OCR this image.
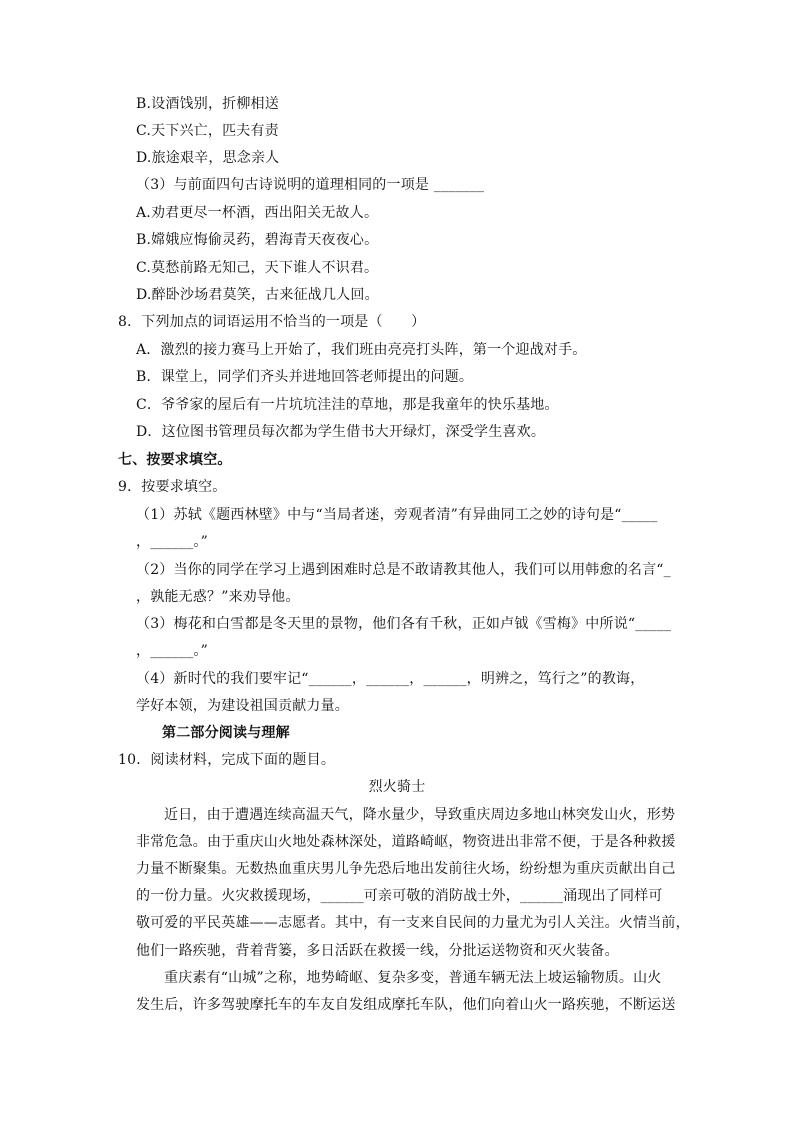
B.设酒饯别，折柳相送
C.天下兴亡，匹夫有责
D.旅途艰辛，思念亲人
（3）与前面四句古诗说明的道理相同的一项是 _______
A.劝君更尽一杯酒，西出阳关无故人。
B.嫦娥应悔偷灵药，碧海青天夜夜心。
C.莫愁前路无知己，天下谁人不识君。
D.醉卧沙场君莫笑，古来征战几人回。
8．下列加点的词语运用不恰当的一项是（　　）
A．激烈的接力赛马上开始了，我们班由亮亮打头阵，第一个迎战对手。
B．课堂上，同学们齐头并进地回答老师提出的问题。
C．爷爷家的屋后有一片坑坑洼洼的草地，那是我童年的快乐基地。
D．这位图书管理员每次都为学生借书大开绿灯，深受学生喜欢。
七、按要求填空。
9．按要求填空。
（1）苏轼《题西林壁》中与“当局者迷，旁观者清”有异曲同工之妙的诗句是“_____
，______。”
（2）当你的同学在学习上遇到困难时总是不敢请教其他人，我们可以用韩愈的名言“_
，孰能无惑？”来劝导他。
（3）梅花和白雪都是冬天里的景物，他们各有千秋，正如卢钺《雪梅》中所说“_____
，______。”
（4）新时代的我们要牢记“______，______，______，明辨之，笃行之”的教诲，
学好本领，为建设祖国贡献力量。
第二部分阅读与理解
10．阅读材料，完成下面的题目。
烈火骑士
近日，由于遭遇连续高温天气，降水量少，导致重庆周边多地山林突发山火，形势
非常危急。由于重庆山火地处森林深处，道路崎岖，物资进出非常不便，于是各种救援
力量不断聚集。无数热血重庆男儿争先恐后地出发前往火场，纷纷想为重庆贡献出自己
的一份力量。火灾救援现场，______可亲可敬的消防战士外，______涌现出了同样可
敬可爱的平民英雄——志愿者。其中，有一支来自民间的力量尤为引人关注。火情当前，
他们一路疾驰，背着背篓，多日活跃在救援一线，分批运送物资和灭火装备。
重庆素有“山城”之称，地势崎岖、复杂多变，普通车辆无法上坡运输物质。山火
发生后，许多驾驶摩托车的车友自发组成摩托车队，他们向着山火一路疾驰，不断运送
